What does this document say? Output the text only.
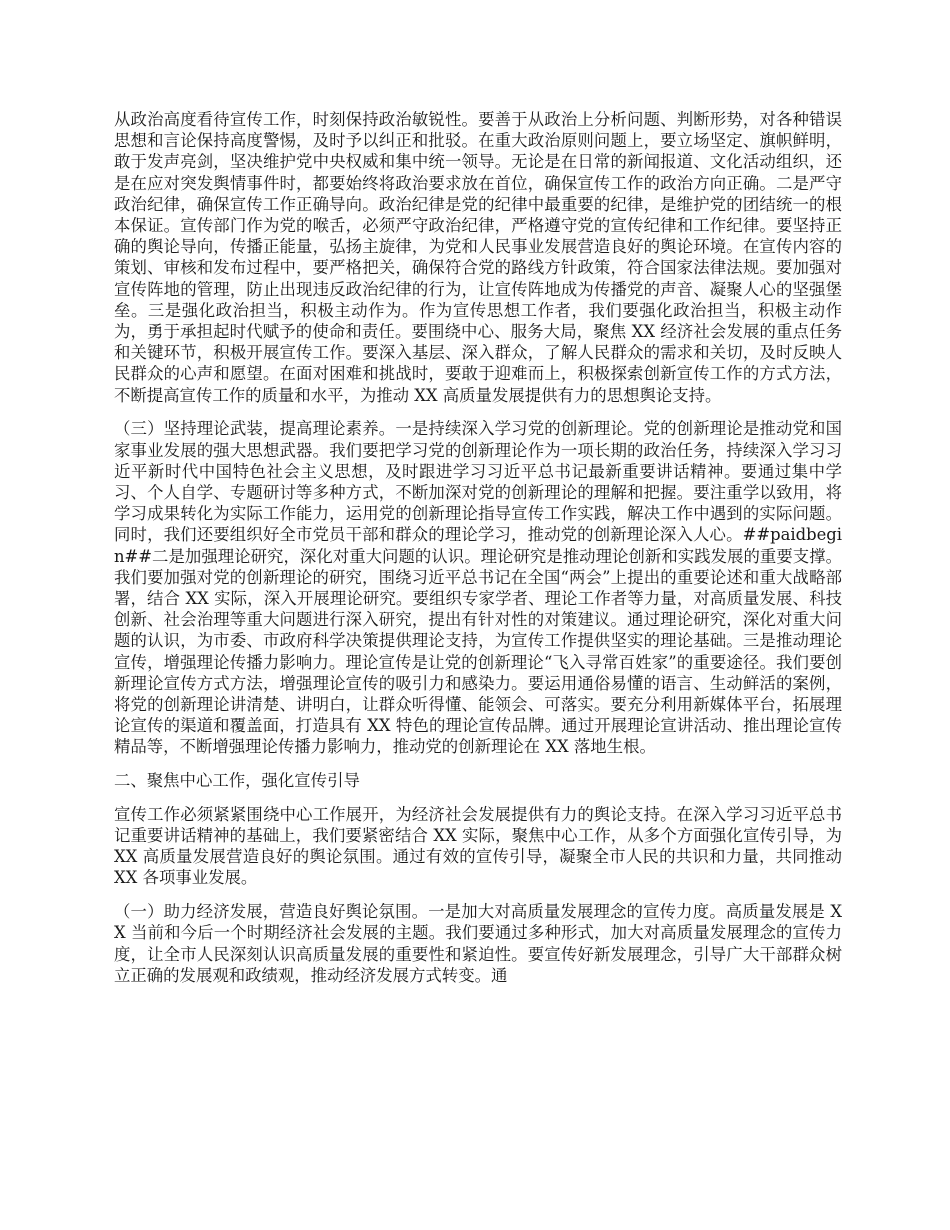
从政治高度看待宣传工作，时刻保持政治敏锐性。要善于从政治上分析问题、判断形势，对各种错误思想和言论保持高度警惕，及时予以纠正和批驳。在重大政治原则问题上，要立场坚定、旗帜鲜明，敢于发声亮剑，坚决维护党中央权威和集中统一领导。无论是在日常的新闻报道、文化活动组织，还是在应对突发舆情事件时，都要始终将政治要求放在首位，确保宣传工作的政治方向正确。二是严守政治纪律，确保宣传工作正确导向。政治纪律是党的纪律中最重要的纪律，是维护党的团结统一的根本保证。宣传部门作为党的喉舌，必须严守政治纪律，严格遵守党的宣传纪律和工作纪律。要坚持正确的舆论导向，传播正能量，弘扬主旋律，为党和人民事业发展营造良好的舆论环境。在宣传内容的策划、审核和发布过程中，要严格把关，确保符合党的路线方针政策，符合国家法律法规。要加强对宣传阵地的管理，防止出现违反政治纪律的行为，让宣传阵地成为传播党的声音、凝聚人心的坚强堡垒。三是强化政治担当，积极主动作为。作为宣传思想工作者，我们要强化政治担当，积极主动作为，勇于承担起时代赋予的使命和责任。要围绕中心、服务大局，聚焦 XX 经济社会发展的重点任务和关键环节，积极开展宣传工作。要深入基层、深入群众，了解人民群众的需求和关切，及时反映人民群众的心声和愿望。在面对困难和挑战时，要敢于迎难而上，积极探索创新宣传工作的方式方法，不断提高宣传工作的质量和水平，为推动 XX 高质量发展提供有力的思想舆论支持。

（三）坚持理论武装，提高理论素养。一是持续深入学习党的创新理论。党的创新理论是推动党和国家事业发展的强大思想武器。我们要把学习党的创新理论作为一项长期的政治任务，持续深入学习习近平新时代中国特色社会主义思想，及时跟进学习习近平总书记最新重要讲话精神。要通过集中学习、个人自学、专题研讨等多种方式，不断加深对党的创新理论的理解和把握。要注重学以致用，将学习成果转化为实际工作能力，运用党的创新理论指导宣传工作实践，解决工作中遇到的实际问题。同时，我们还要组织好全市党员干部和群众的理论学习，推动党的创新理论深入人心。##paidbegin##二是加强理论研究，深化对重大问题的认识。理论研究是推动理论创新和实践发展的重要支撑。我们要加强对党的创新理论的研究，围绕习近平总书记在全国“两会”上提出的重要论述和重大战略部署，结合 XX 实际，深入开展理论研究。要组织专家学者、理论工作者等力量，对高质量发展、科技创新、社会治理等重大问题进行深入研究，提出有针对性的对策建议。通过理论研究，深化对重大问题的认识，为市委、市政府科学决策提供理论支持，为宣传工作提供坚实的理论基础。三是推动理论宣传，增强理论传播力影响力。理论宣传是让党的创新理论“飞入寻常百姓家”的重要途径。我们要创新理论宣传方式方法，增强理论宣传的吸引力和感染力。要运用通俗易懂的语言、生动鲜活的案例，将党的创新理论讲清楚、讲明白，让群众听得懂、能领会、可落实。要充分利用新媒体平台，拓展理论宣传的渠道和覆盖面，打造具有 XX 特色的理论宣传品牌。通过开展理论宣讲活动、推出理论宣传精品等，不断增强理论传播力影响力，推动党的创新理论在 XX 落地生根。

二、聚焦中心工作，强化宣传引导

宣传工作必须紧紧围绕中心工作展开，为经济社会发展提供有力的舆论支持。在深入学习习近平总书记重要讲话精神的基础上，我们要紧密结合 XX 实际，聚焦中心工作，从多个方面强化宣传引导，为 XX 高质量发展营造良好的舆论氛围。通过有效的宣传引导，凝聚全市人民的共识和力量，共同推动 XX 各项事业发展。

（一）助力经济发展，营造良好舆论氛围。一是加大对高质量发展理念的宣传力度。高质量发展是 XX 当前和今后一个时期经济社会发展的主题。我们要通过多种形式，加大对高质量发展理念的宣传力度，让全市人民深刻认识高质量发展的重要性和紧迫性。要宣传好新发展理念，引导广大干部群众树立正确的发展观和政绩观，推动经济发展方式转变。通
